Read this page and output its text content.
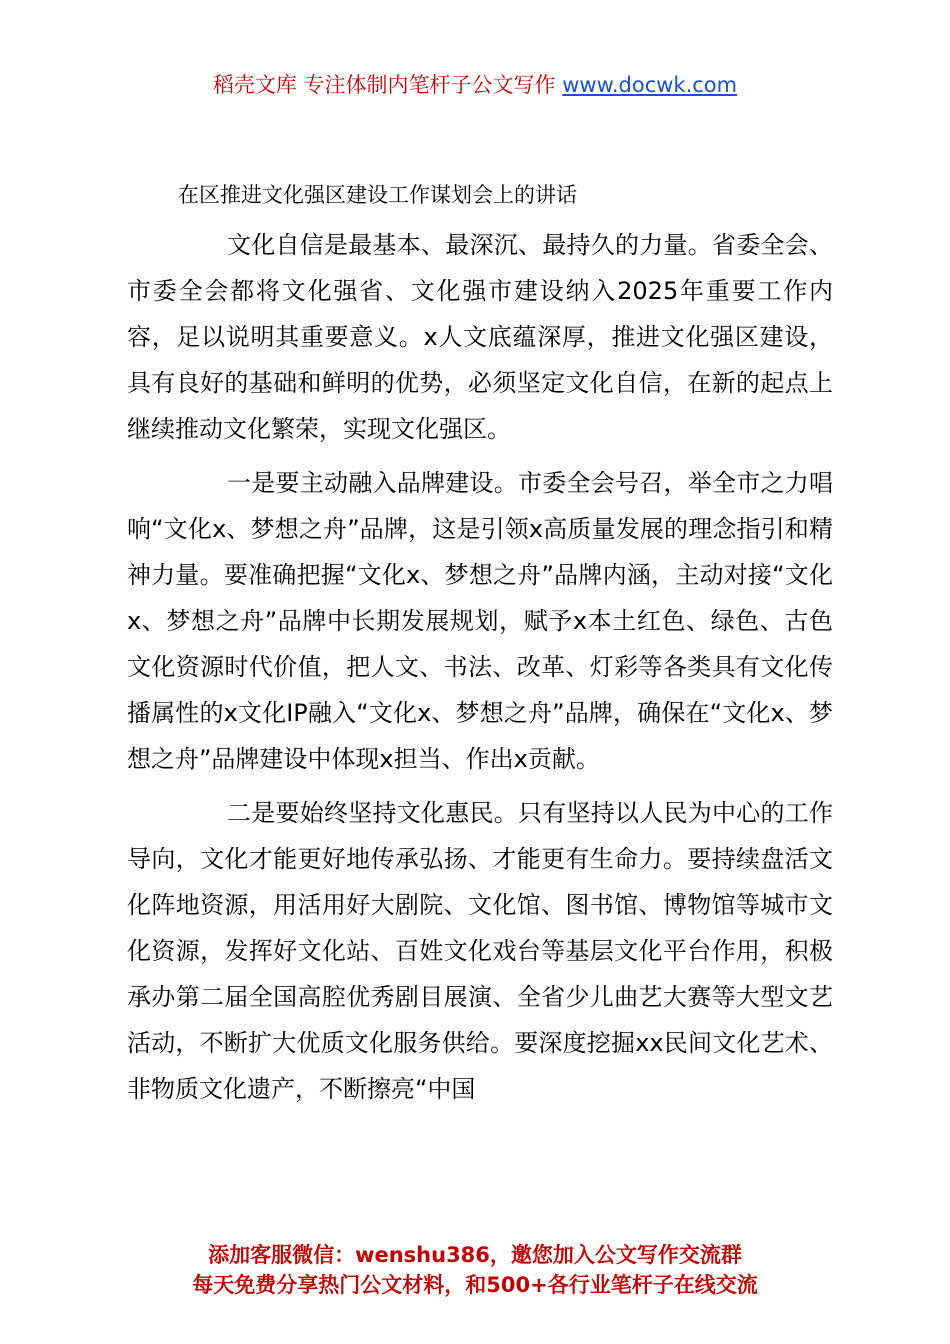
稻壳文库 专注体制内笔杆子公文写作 www.docwk.com
在区推进文化强区建设工作谋划会上的讲话

文化自信是最基本、最深沉、最持久的力量。省委全会、市委全会都将文化强省、文化强市建设纳入2025年重要工作内容，足以说明其重要意义。x人文底蕴深厚，推进文化强区建设，具有良好的基础和鲜明的优势，必须坚定文化自信，在新的起点上继续推动文化繁荣，实现文化强区。

一是要主动融入品牌建设。市委全会号召，举全市之力唱响“文化x、梦想之舟”品牌，这是引领x高质量发展的理念指引和精神力量。要准确把握“文化x、梦想之舟”品牌内涵，主动对接“文化x、梦想之舟”品牌中长期发展规划，赋予x本土红色、绿色、古色文化资源时代价值，把人文、书法、改革、灯彩等各类具有文化传播属性的x文化IP融入“文化x、梦想之舟”品牌，确保在“文化x、梦想之舟”品牌建设中体现x担当、作出x贡献。

二是要始终坚持文化惠民。只有坚持以人民为中心的工作导向，文化才能更好地传承弘扬、才能更有生命力。要持续盘活文化阵地资源，用活用好大剧院、文化馆、图书馆、博物馆等城市文化资源，发挥好文化站、百姓文化戏台等基层文化平台作用，积极承办第二届全国高腔优秀剧目展演、全省少儿曲艺大赛等大型文艺活动，不断扩大优质文化服务供给。要深度挖掘xx民间文化艺术、非物质文化遗产，不断擦亮“中国

添加客服微信：wenshu386，邀您加入公文写作交流群
每天免费分享热门公文材料，和500+各行业笔杆子在线交流
